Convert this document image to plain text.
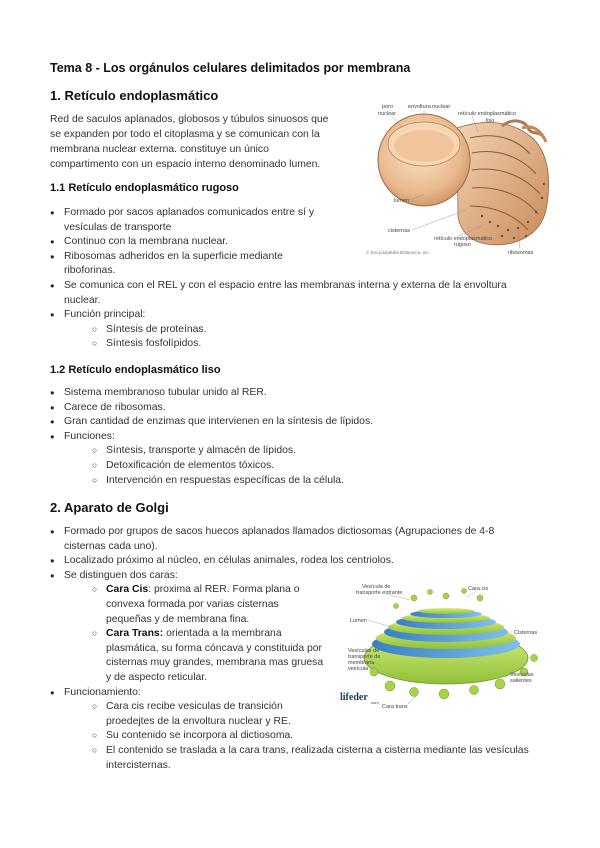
Tema 8 - Los orgánulos celulares delimitados por membrana
1. Retículo endoplasmático
Red de saculos aplanados, globosos y túbulos sinuosos que
se expanden por todo el citoplasma y se comunican con la
membrana nuclear externa. constituye un único
compartimento con un espacio interno denominado lumen.
poro
nuclear
envoltura nuclear
retículo endoplasmático
liso
lumen
cisternas
retículo endoplasmático
rugoso
ribosomas
© Encyclopædia Britannica, Inc.
1.1 Retículo endoplasmático rugoso
● Formado por sacos aplanados comunicados entre sí y
vesículas de transporte
● Continuo con la membrana nuclear.
● Ribosomas adheridos en la superficie mediante
riboforinas.
● Se comunica con el REL y con el espacio entre las membranas interna y externa de la envoltura
nuclear.
● Función principal:
○ Síntesis de proteínas.
○ Síntesis fosfolípidos.
1.2 Retículo endoplasmático liso
● Sistema membranoso tubular unido al RER.
● Carece de ribosomas.
● Gran cantidad de enzimas que intervienen en la síntesis de lípidos.
● Funciones:
○ Síntesis, transporte y almacén de lípidos.
○ Detoxificación de elementos tóxicos.
○ Intervención en respuestas específicas de la célula.
2. Aparato de Golgi
● Formado por grupos de sacos huecos aplanados llamados dictiosomas (Agrupaciones de 4-8
cisternas cada uno).
● Localizado próximo al núcleo, en células animales, rodea los centriolos.
● Se distinguen dos caras:
○ Cara Cis: proxima al RER. Forma plana o
convexa formada por varias cisternas
pequeñas y de membrana fina.
○ Cara Trans: orientada a la membrana
plasmática, su forma cóncava y constituida por
cisternas muy grandes, membrana mas gruesa
y de aspecto reticular.
● Funcionamiento:
○ Cara cis recibe vesiculas de transición
proedejtes de la envoltura nuclear y RE.
○ Su contenido se incorpora al dictiosoma.
○ El contenido se traslada a la cara trans, realizada cisterna a cisterna mediante las vesículas
intercisternas.
Vesícula de
transporte entrante
Cara cis
Lumen
Cisternas
Vesículas de
transporte de
membrana
vesícula
Vesículas
salientes
Cara trans
lifeder .com
